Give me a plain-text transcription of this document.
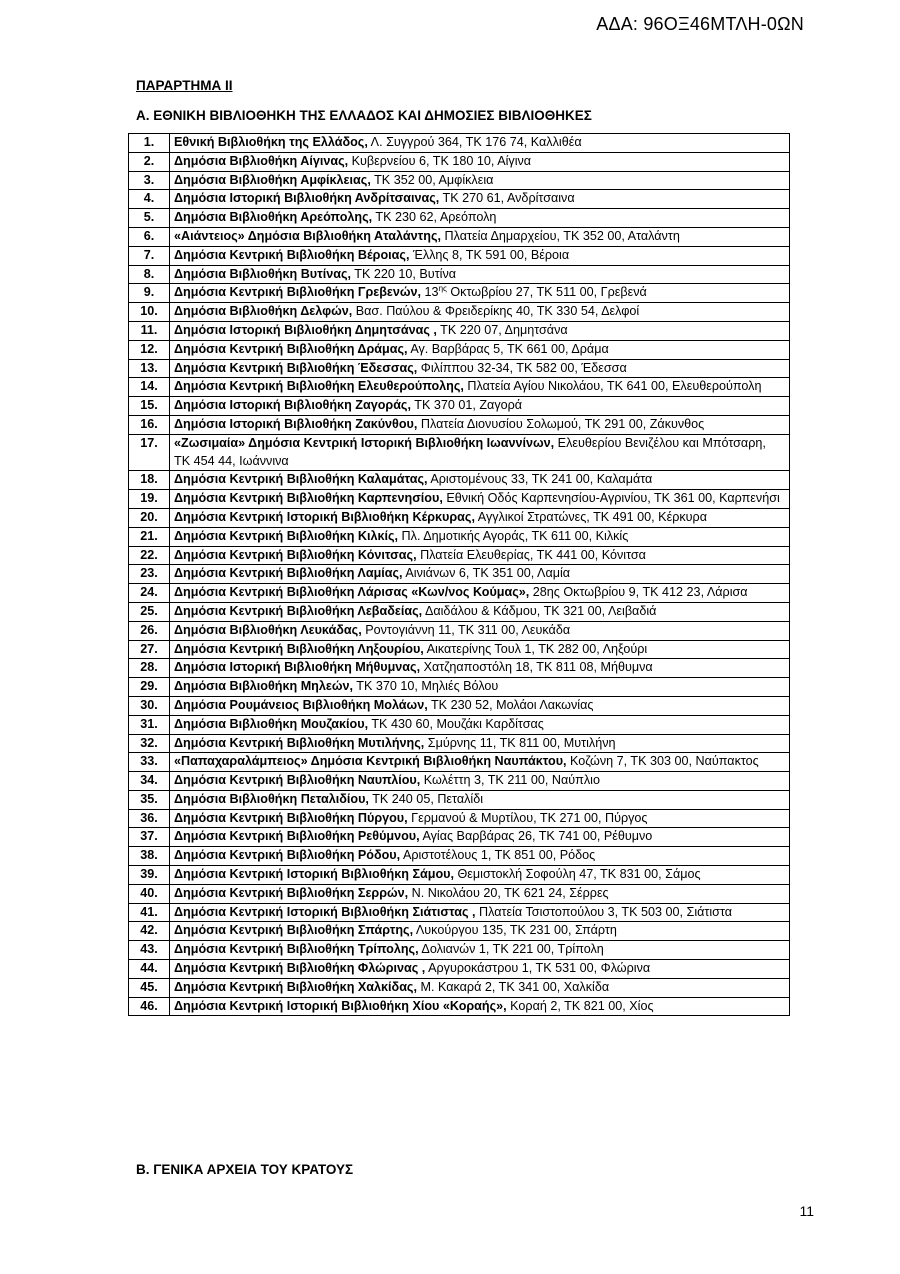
ΑΔΑ: 96ΟΞ46ΜΤΛΗ-0ΩΝ
ΠΑΡΑΡΤΗΜΑ ΙΙ
Α. ΕΘΝΙΚΗ ΒΙΒΛΙΟΘΗΚΗ ΤΗΣ ΕΛΛΑΔΟΣ ΚΑΙ ΔΗΜΟΣΙΕΣ ΒΙΒΛΙΟΘΗΚΕΣ
1.	Εθνική Βιβλιοθήκη της Ελλάδος, Λ. Συγγρού 364, ΤΚ 176 74, Καλλιθέα
2.	Δημόσια Βιβλιοθήκη Αίγινας, Κυβερνείου 6, ΤΚ 180 10, Αίγινα
3.	Δημόσια Βιβλιοθήκη Αμφίκλειας, ΤΚ 352 00, Αμφίκλεια
4.	Δημόσια Ιστορική Βιβλιοθήκη Ανδρίτσαινας, ΤΚ 270 61, Ανδρίτσαινα
5.	Δημόσια Βιβλιοθήκη Αρεόπολης, ΤΚ 230 62, Αρεόπολη
6.	«Αιάντειος» Δημόσια Βιβλιοθήκη Αταλάντης, Πλατεία Δημαρχείου, ΤΚ 352 00, Αταλάντη
7.	Δημόσια Κεντρική Βιβλιοθήκη Βέροιας, Έλλης 8, ΤΚ 591 00, Βέροια
8.	Δημόσια Βιβλιοθήκη Βυτίνας, ΤΚ 220 10, Βυτίνα
9.	Δημόσια Κεντρική Βιβλιοθήκη Γρεβενών, $13^{\eta\varsigma}$ Οκτωβρίου 27, ΤΚ 511 00, Γρεβενά
10.	Δημόσια Βιβλιοθήκη Δελφών, Βασ. Παύλου & Φρειδερίκης 40, ΤΚ 330 54, Δελφοί
11.	Δημόσια Ιστορική Βιβλιοθήκη Δημητσάνας , ΤΚ 220 07, Δημητσάνα
12.	Δημόσια Κεντρική Βιβλιοθήκη Δράμας, Αγ. Βαρβάρας 5, ΤΚ 661 00, Δράμα
13.	Δημόσια Κεντρική Βιβλιοθήκη Έδεσσας, Φιλίππου 32-34, ΤΚ 582 00, Έδεσσα
14.	Δημόσια Κεντρική Βιβλιοθήκη Ελευθερούπολης, Πλατεία Αγίου Νικολάου, ΤΚ 641 00, Ελευθερούπολη
15.	Δημόσια Ιστορική Βιβλιοθήκη Ζαγοράς, ΤΚ 370 01, Ζαγορά
16.	Δημόσια Ιστορική Βιβλιοθήκη Ζακύνθου, Πλατεία Διονυσίου Σολωμού, ΤΚ 291 00, Ζάκυνθος
17.	«Ζωσιμαία» Δημόσια Κεντρική Ιστορική Βιβλιοθήκη Ιωαννίνων, Ελευθερίου Βενιζέλου και Μπότσαρη, ΤΚ 454 44, Ιωάννινα
18.	Δημόσια Κεντρική Βιβλιοθήκη Καλαμάτας, Αριστομένους 33, ΤΚ 241 00, Καλαμάτα
19.	Δημόσια Κεντρική Βιβλιοθήκη Καρπενησίου, Εθνική Οδός Καρπενησίου-Αγρινίου, ΤΚ 361 00, Καρπενήσι
20.	Δημόσια Κεντρική Ιστορική Βιβλιοθήκη Κέρκυρας, Αγγλικοί Στρατώνες, ΤΚ 491 00, Κέρκυρα
21.	Δημόσια Κεντρική Βιβλιοθήκη Κιλκίς, Πλ. Δημοτικής Αγοράς, ΤΚ 611 00, Κιλκίς
22.	Δημόσια Κεντρική Βιβλιοθήκη Κόνιτσας, Πλατεία Ελευθερίας, ΤΚ 441 00, Κόνιτσα
23.	Δημόσια Κεντρική Βιβλιοθήκη Λαμίας, Αινιάνων 6, ΤΚ 351 00, Λαμία
24.	Δημόσια Κεντρική Βιβλιοθήκη Λάρισας «Κων/νος Κούμας», 28ης Οκτωβρίου 9, ΤΚ 412 23, Λάρισα
25.	Δημόσια Κεντρική Βιβλιοθήκη Λεβαδείας, Δαιδάλου & Κάδμου, ΤΚ 321 00, Λειβαδιά
26.	Δημόσια Βιβλιοθήκη Λευκάδας, Ροντογιάννη 11, ΤΚ 311 00, Λευκάδα
27.	Δημόσια Κεντρική Βιβλιοθήκη Ληξουρίου, Αικατερίνης Τουλ 1, ΤΚ 282 00, Ληξούρι
28.	Δημόσια Ιστορική Βιβλιοθήκη Μήθυμνας, Χατζηαποστόλη 18, ΤΚ 811 08, Μήθυμνα
29.	Δημόσια Βιβλιοθήκη Μηλεών, ΤΚ 370 10, Μηλιές Βόλου
30.	Δημόσια Ρουμάνειος Βιβλιοθήκη Μολάων, ΤΚ 230 52, Μολάοι Λακωνίας
31.	Δημόσια Βιβλιοθήκη Μουζακίου, ΤΚ 430 60, Μουζάκι Καρδίτσας
32.	Δημόσια Κεντρική Βιβλιοθήκη Μυτιλήνης, Σμύρνης 11, ΤΚ 811 00, Μυτιλήνη
33.	«Παπαχαραλάμπειος» Δημόσια Κεντρική Βιβλιοθήκη Ναυπάκτου, Κοζώνη 7, ΤΚ 303 00, Ναύπακτος
34.	Δημόσια Κεντρική Βιβλιοθήκη Ναυπλίου, Κωλέττη 3, ΤΚ 211 00, Ναύπλιο
35.	Δημόσια Βιβλιοθήκη Πεταλιδίου, ΤΚ 240 05, Πεταλίδι
36.	Δημόσια Κεντρική Βιβλιοθήκη Πύργου, Γερμανού & Μυρτίλου, ΤΚ 271 00, Πύργος
37.	Δημόσια Κεντρική Βιβλιοθήκη Ρεθύμνου, Αγίας Βαρβάρας 26, ΤΚ 741 00, Ρέθυμνο
38.	Δημόσια Κεντρική Βιβλιοθήκη Ρόδου, Αριστοτέλους 1, ΤΚ 851 00, Ρόδος
39.	Δημόσια Κεντρική Ιστορική Βιβλιοθήκη Σάμου, Θεμιστοκλή Σοφούλη 47, ΤΚ 831 00, Σάμος
40.	Δημόσια Κεντρική Βιβλιοθήκη Σερρών, Ν. Νικολάου 20, ΤΚ 621 24, Σέρρες
41.	Δημόσια Κεντρική Ιστορική Βιβλιοθήκη Σιάτιστας , Πλατεία Τσιστοπούλου 3, ΤΚ 503 00, Σιάτιστα
42.	Δημόσια Κεντρική Βιβλιοθήκη Σπάρτης, Λυκούργου 135, ΤΚ 231 00, Σπάρτη
43.	Δημόσια Κεντρική Βιβλιοθήκη Τρίπολης, Δολιανών 1, ΤΚ 221 00, Τρίπολη
44.	Δημόσια Κεντρική Βιβλιοθήκη Φλώρινας , Αργυροκάστρου 1, ΤΚ 531 00, Φλώρινα
45.	Δημόσια Κεντρική Βιβλιοθήκη Χαλκίδας, Μ. Κακαρά 2, ΤΚ 341 00, Χαλκίδα
46.	Δημόσια Κεντρική Ιστορική Βιβλιοθήκη Χίου «Κοραής», Κοραή 2, ΤΚ 821 00, Χίος
Β. ΓΕΝΙΚΑ ΑΡΧΕΙΑ ΤΟΥ ΚΡΑΤΟΥΣ
11
